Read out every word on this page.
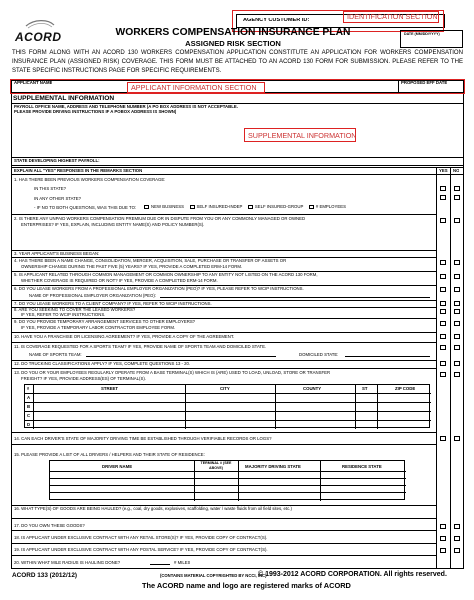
ACORD
AGENCY CUSTOMER ID:	IDENTIFICATION SECTION
WORKERS COMPENSATION INSURANCE PLAN
ASSIGNED RISK SECTION
DATE (MM/DD/YYYY)
THIS FORM ALONG WITH AN ACORD 130 WORKERS COMPENSATION APPLICATION CONSTITUTE AN APPLICATION FOR WORKERS COMPENSATION INSURANCE PLAN (ASSIGNED RISK) COVERAGE. THIS FORM MUST BE ATTACHED TO AN ACORD 130 FORM FOR SUBMISSION. PLEASE REFER TO THE STATE SPECIFIC INSTRUCTIONS PAGE FOR SPECIFIC REQUIREMENTS.
APPLICANT NAME	PROPOSED EFF DATE
APPLICANT INFORMATION SECTION
SUPPLEMENTAL INFORMATION
PAYROLL OFFICE NAME, ADDRESS AND TELEPHONE NUMBER (A PO BOX ADDRESS IS NOT ACCEPTABLE.
PLEASE PROVIDE DRIVING INSTRUCTIONS IF A POBOX ADDRESS IS SHOWN)
SUPPLEMENTAL INFORMATION
STATE DEVELOPING HIGHEST PAYROLL:
EXPLAIN ALL "YES" RESPONSES IN THE REMARKS SECTION	YES NO
1. HAS THERE BEEN PREVIOUS WORKERS COMPENSATION COVERAGE:
IN THIS STATE?
IN ANY OTHER STATE?
- IF NO TO BOTH QUESTIONS, WAS THIS DUE TO:	NEW BUSINESS	SELF INSURED-INDEP	SELF INSURED-GROUP	# EMPLOYEES
2. IS THERE ANY UNPAID WORKERS COMPENSATION PREMIUM DUE OR IN DISPUTE FROM YOU OR ANY COMMONLY MANAGED OR OWNED
ENTERPRISES? IF YES, EXPLAIN, INCLUDING ENTITY NAME(S) AND POLICY NUMBER(S).
3. YEAR APPLICANT'S BUSINESS BEGAN:
4. HAS THERE BEEN A NAME CHANGE, CONSOLIDATION, MERGER, ACQUISITION, SALE, PURCHASE OR TRANSFER OF ASSETS OR
OWNERSHIP CHANGE DURING THE PAST FIVE (5) YEARS? IF YES, PROVIDE A COMPLETED ERM-14 FORM.
5. IS APPLICANT RELATED THROUGH COMMON MANAGEMENT OR COMMON OWNERSHIP TO ANY ENTITY NOT LISTED ON THE ACORD 130 FORM,
WHETHER COVERAGE IS REQUIRED OR NOT? IF YES, PROVIDE A COMPLETED ERM-14 FORM.
6. DO YOU LEASE WORKERS FROM A PROFESSIONAL EMPLOYER ORGANIZATION (PEO)? IF YES, PLEASE REFER TO WCIP INSTRUCTIONS.
NAME OF PROFESSIONAL EMPLOYER ORGANIZATION (PEO):
7. DO YOU LEASE WORKERS TO A CLIENT COMPANY? IF YES, REFER TO WCIP INSTRUCTIONS.
8. ARE YOU SEEKING TO COVER THE LEASED WORKERS?
IF YES, REFER TO WCIP INSTRUCTIONS.
9. DO YOU PROVIDE TEMPORARY ARRANGEMENT SERVICES TO OTHER EMPLOYERS?
IF YES, PROVIDE A TEMPORARY LABOR CONTRACTOR EMPLOYEE FORM.
10. HAVE YOU A FRANCHISE OR LICENSING AGREEMENT? IF YES, PROVIDE A COPY OF THE AGREEMENT.
11. IS COVERAGE REQUESTED FOR A SPORTS TEAM? IF YES, PROVIDE NAME OF SPORTS TEAM AND DOMICILED STATE.
NAME OF SPORTS TEAM:	DOMICILED STATE:
12. DO TRUCKING CLASSIFICATIONS APPLY? IF YES, COMPLETE QUESTIONS 13 - 20.
13. DO YOU OR YOUR EMPLOYEES REGULARLY OPERATE FROM A BASE TERMINAL(S) WHICH IS (ARE) USED TO LOAD, UNLOAD, STORE OR TRANSFER
FREIGHT? IF YES, PROVIDE ADDRESS(ES) OF TERMINAL(S).
#	STREET	CITY	COUNTY	ST	ZIP CODE
A
B
C
D
14. CAN EACH DRIVER'S STATE OF MAJORITY DRIVING TIME BE ESTABLISHED THROUGH VERIFIABLE RECORDS OR LOGS?
15. PLEASE PROVIDE A LIST OF ALL DRIVERS / HELPERS AND THEIR STATE OF RESIDENCE:
DRIVER NAME
TERMINAL # (SEE ABOVE)	MAJORITY DRIVING STATE	RESIDENCE STATE
16. WHAT TYPE(S) OF GOODS ARE BEING HAULED? (e.g., coal, dry goods, explosives, scaffolding, water / waste fluids from oil field sites, etc.)
17. DO YOU OWN THESE GOODS?
18. IS APPLICANT UNDER EXCLUSIVE CONTRACT WITH ANY RETAIL STORE(S)? IF YES, PROVIDE COPY OF CONTRACT(S).
19. IS APPLICANT UNDER EXCLUSIVE CONTRACT WITH ANY POSTAL SERVICE? IF YES, PROVIDE COPY OF CONTRACT(S).
20. WITHIN WHAT MILE RADIUS IS HAULING DONE?	# MILES
ACORD 133 (2012/12)	(CONTAINS MATERIAL COPYRIGHTED BY NCCI, INC)
© 1993-2012 ACORD CORPORATION. All rights reserved.
The ACORD name and logo are registered marks of ACORD
